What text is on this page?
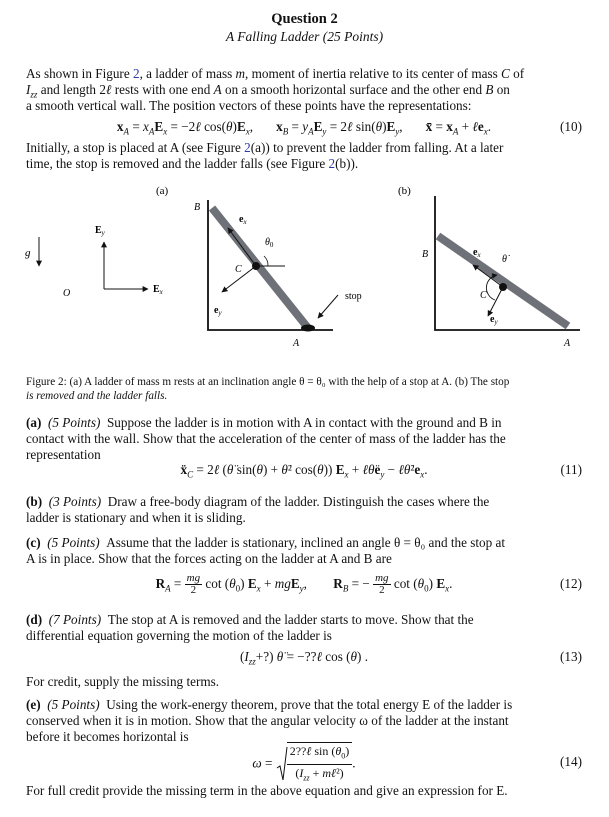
Question 2
A Falling Ladder (25 Points)
As shown in Figure 2, a ladder of mass m, moment of inertia relative to its center of mass C of
$I_{zz}$ and length 2ℓ rests with one end A on a smooth horizontal surface and the other end B on
a smooth vertical wall. The position vectors of these points have the representations:
$x_A = x_AE_x$ = −2ℓ $\cos(\theta)E_x$,       $x_B = y_AE_y$ = 2ℓ $\sin(\theta)E_y$,       x̄ = $x_A$ + ℓe$_x$.	(10)
Initially, a stop is placed at A (see Figure 2(a)) to prevent the ladder from falling. At a later
time, the stop is removed and the ladder falls (see Figure 2(b)).
(a)	(b)
g
$E_y$
$E_x$
O
B
$e_x$
$\theta_0$
C
$e_y$
stop
A
B	$e_x$ θ̇
C
$e_y$
A
Figure 2: (a) A ladder of mass m rests at an inclination angle θ = θ₀ with the help of a stop at A. (b) The stop
is removed and the ladder falls.
(a) (5 Points) Suppose the ladder is in motion with A in contact with the ground and B in
contact with the wall. Show that the acceleration of the center of mass of the ladder has the
representation
ẍ$_C$ = 2ℓ (θ̈ sin(θ) + θ̇² cos(θ)) $E_x$ + $\ell\thetäe_y$ − $\ell\thetȧ^2e_x$.	(11)
(b) (3 Points) Draw a free-body diagram of the ladder. Distinguish the cases where the
ladder is stationary and when it is sliding.
(c) (5 Points) Assume that the ladder is stationary, inclined an angle θ = θ₀ and the stop at
A is in place. Show that the forces acting on the ladder at A and B are
$R_A = \frac{mg}{2}$ $\cot (\theta_0) E_x + mgE_y$,        $R_B$ = − $\frac{mg}{2}$ $\cot (\theta_0)$ $E_x$.	(12)
(d) (7 Points) The stop at A is removed and the ladder starts to move. Show that the
differential equation governing the motion of the ladder is
$(I_{zz}+?)$ θ̈ = −??ℓ cos (θ) .	(13)
For credit, supply the missing terms.
(e) (5 Points) Using the work-energy theorem, prove that the total energy E of the ladder is
conserved when it is in motion. Show that the angular velocity ω of the ladder at the instant
before it becomes horizontal is
ω =
2??ℓ $\sin (\theta_0)$
($I_{zz}$ + mℓ²)
.	(14)
For full credit provide the missing term in the above equation and give an expression for E.
